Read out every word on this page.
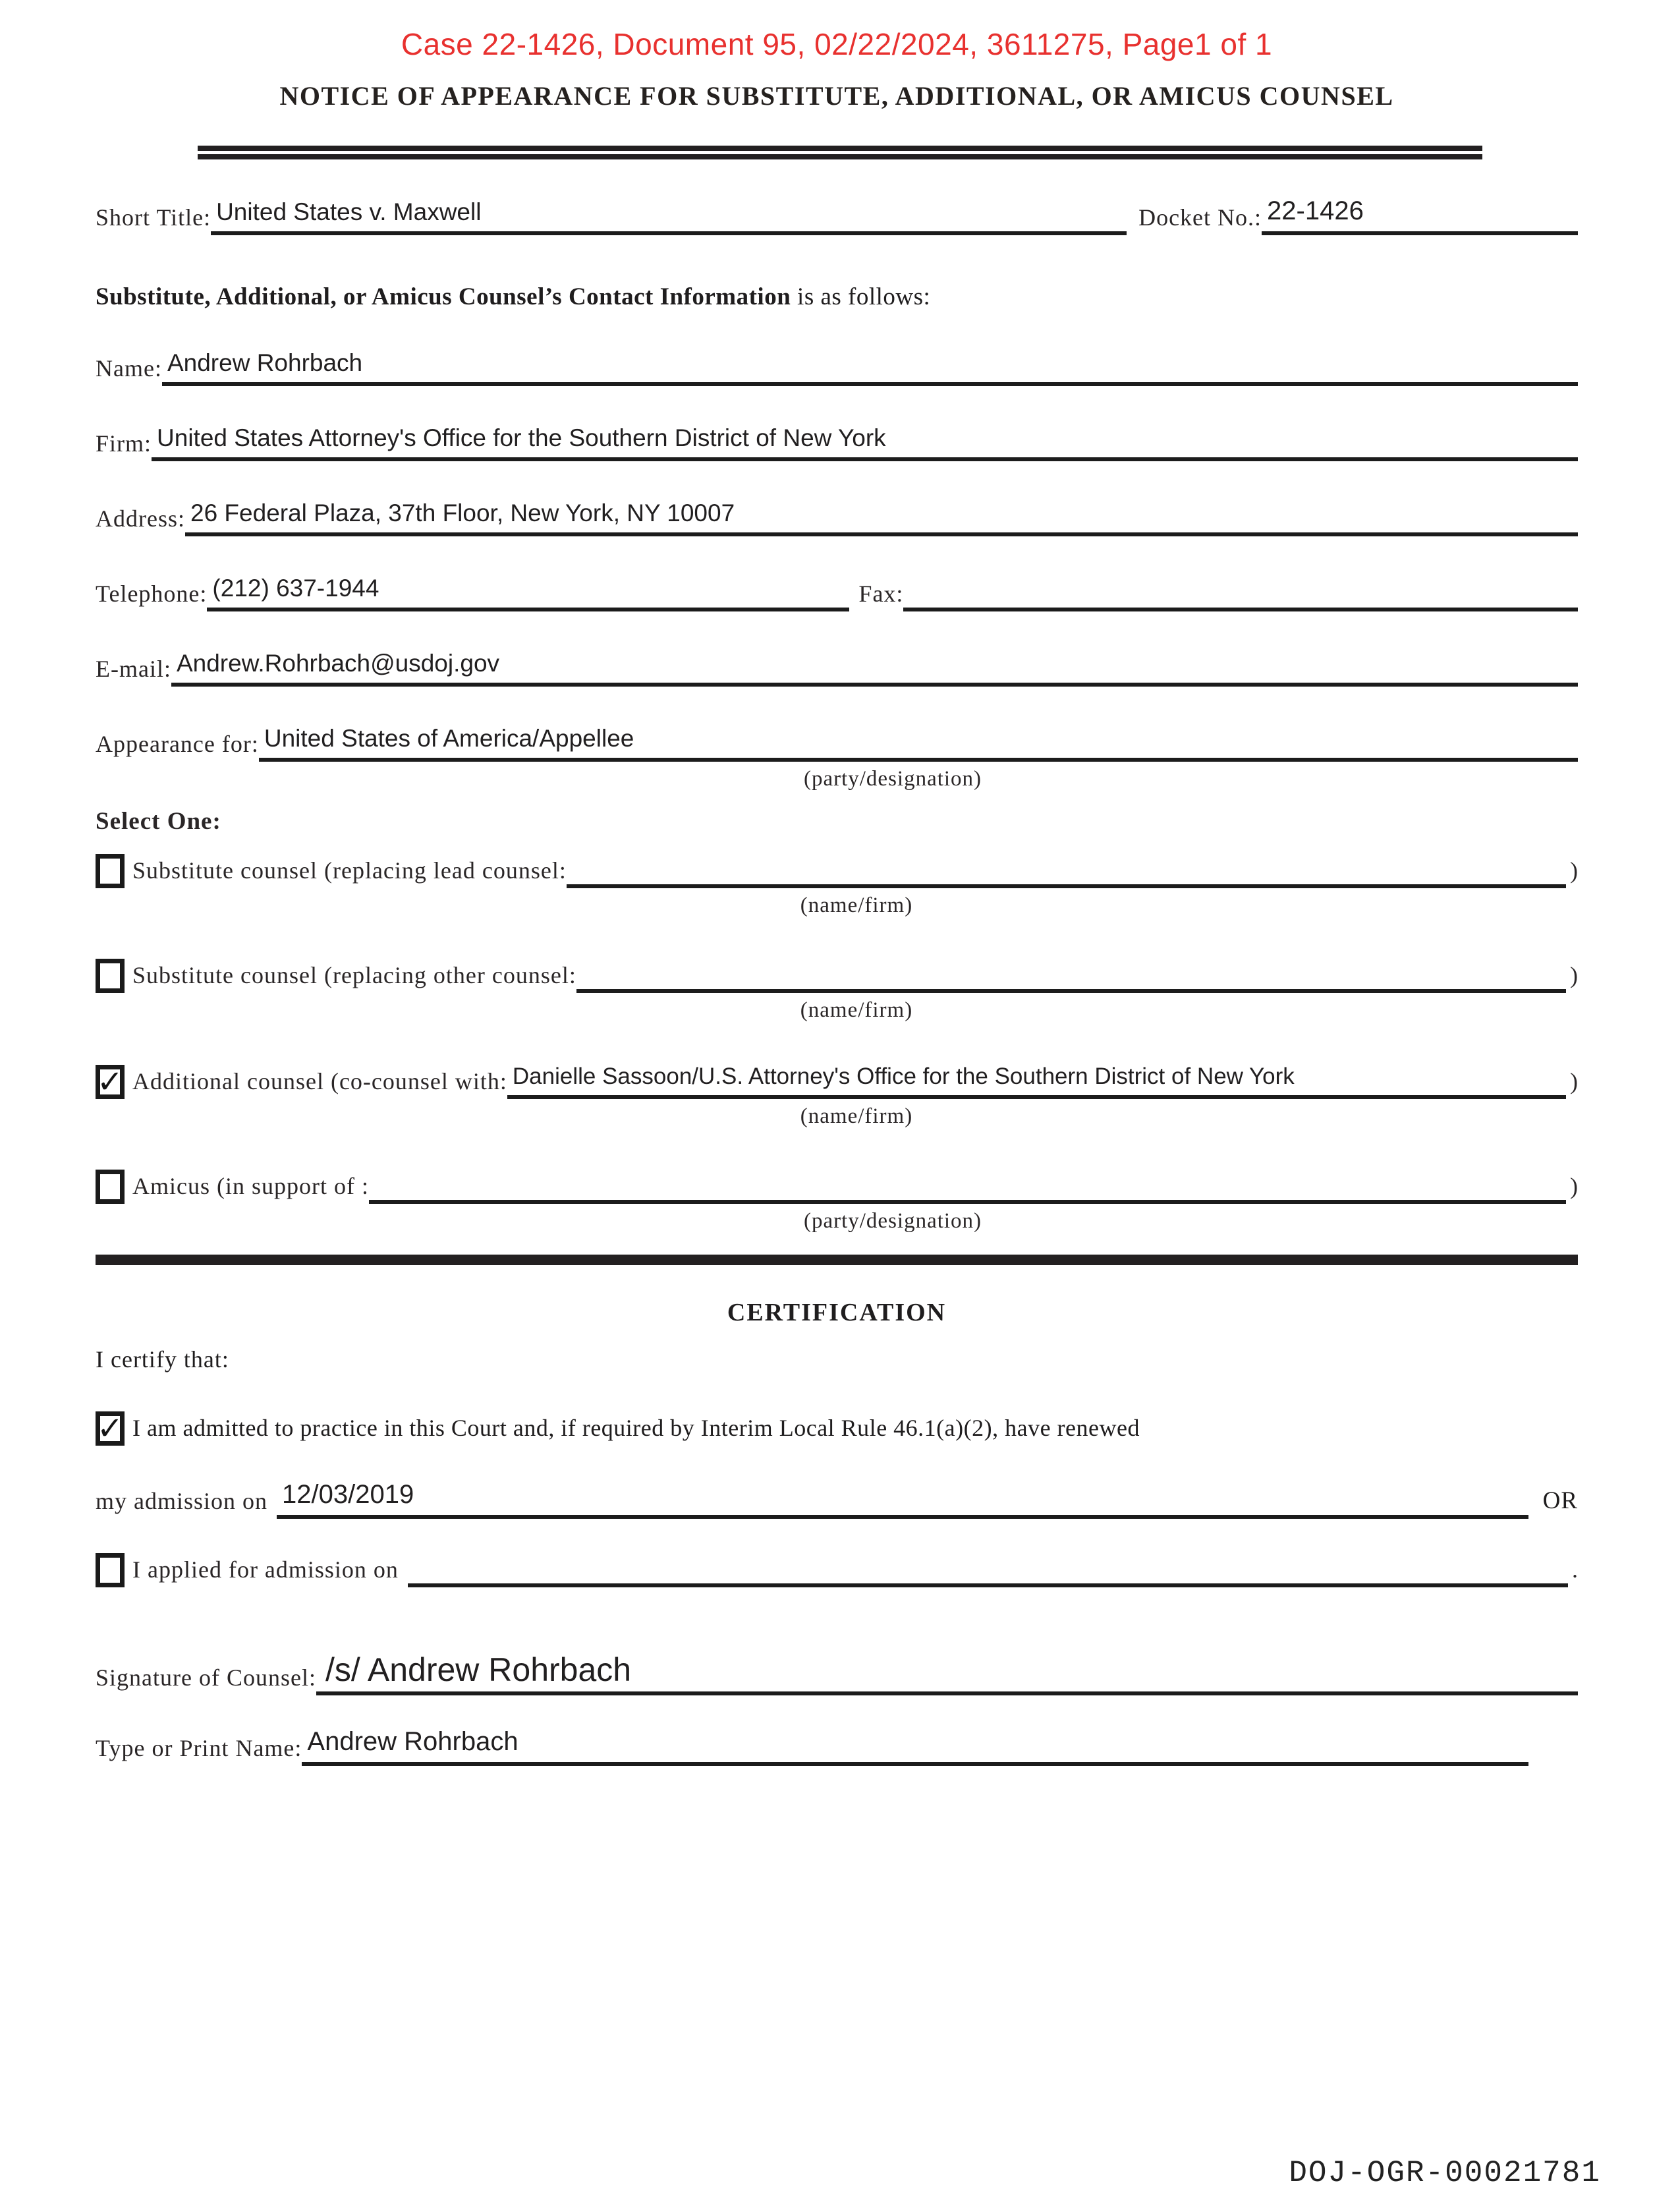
Case 22-1426, Document 95, 02/22/2024, 3611275, Page1 of 1
NOTICE OF APPEARANCE FOR SUBSTITUTE, ADDITIONAL, OR AMICUS COUNSEL
Short Title: United States v. Maxwell	Docket No.: 22-1426
Substitute, Additional, or Amicus Counsel’s Contact Information is as follows:
Name: Andrew Rohrbach
Firm: United States Attorney's Office for the Southern District of New York
Address: 26 Federal Plaza, 37th Floor, New York, NY 10007
Telephone: (212) 637-1944	Fax:
E-mail: Andrew.Rohrbach@usdoj.gov
Appearance for: United States of America/Appellee
(party/designation)
Select One:
Substitute counsel (replacing lead counsel:	)
(name/firm)
Substitute counsel (replacing other counsel:	)
(name/firm)
✓ Additional counsel (co-counsel with: Danielle Sassoon/U.S. Attorney's Office for the Southern District of New York	)
(name/firm)
Amicus (in support of :	)
(party/designation)
CERTIFICATION
I certify that:
✓ I am admitted to practice in this Court and, if required by Interim Local Rule 46.1(a)(2), have renewed
my admission on 12/03/2019	OR
I applied for admission on	.
Signature of Counsel: /s/ Andrew Rohrbach
Type or Print Name: Andrew Rohrbach
DOJ-OGR-00021781
